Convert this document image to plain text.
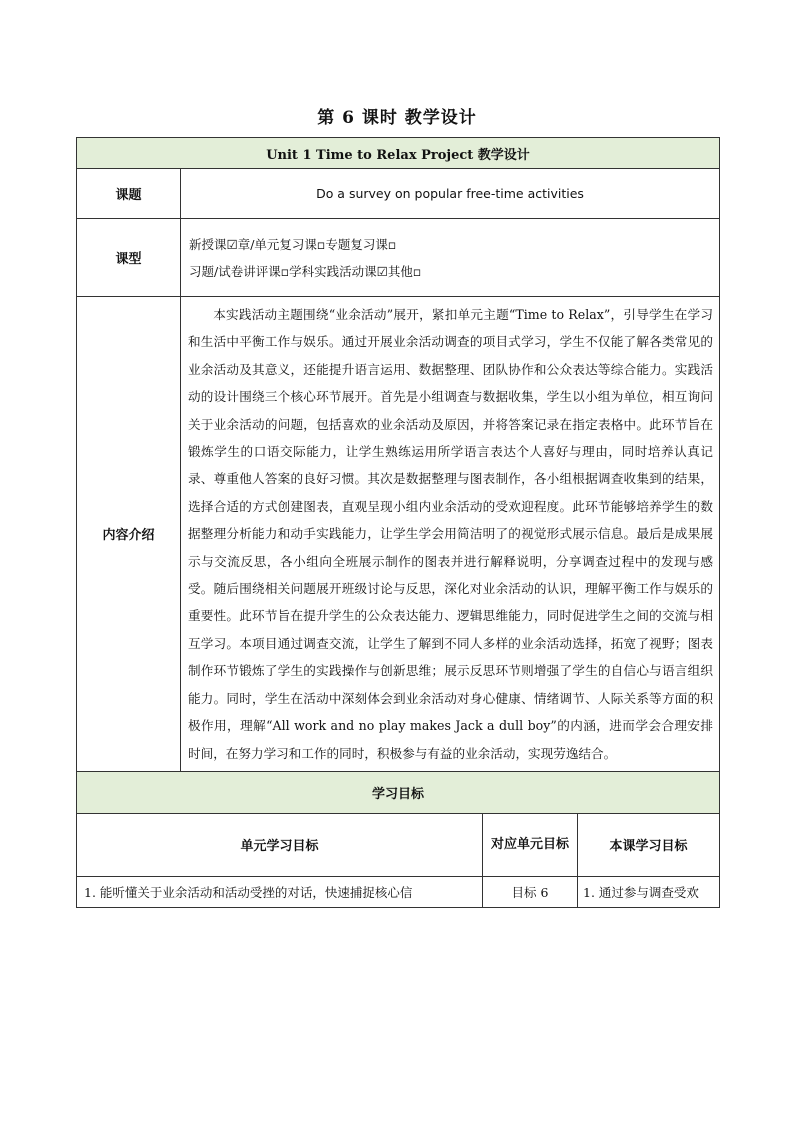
第 6 课时 教学设计
Unit 1 Time to Relax Project 教学设计			
课题	Do a survey on popular free-time activities		
课型	新授课☑章/单元复习课▫专题复习课▫
习题/试卷讲评课▫学科实践活动课☑其他▫		

内容介绍	本实践活动主题围绕“业余活动”展开，紧扣单元主题“Time to Relax”，引导学生在学习和生活中平衡工作与娱乐。通过开展业余活动调查的项目式学习，学生不仅能了解各类常见的业余活动及其意义，还能提升语言运用、数据整理、团队协作和公众表达等综合能力。实践活动的设计围绕三个核心环节展开。首先是小组调查与数据收集，学生以小组为单位，相互询问关于业余活动的问题，包括喜欢的业余活动及原因，并将答案记录在指定表格中。此环节旨在锻炼学生的口语交际能力，让学生熟练运用所学语言表达个人喜好与理由，同时培养认真记录、尊重他人答案的良好习惯。其次是数据整理与图表制作，各小组根据调查收集到的结果，选择合适的方式创建图表，直观呈现小组内业余活动的受欢迎程度。此环节能够培养学生的数据整理分析能力和动手实践能力，让学生学会用简洁明了的视觉形式展示信息。最后是成果展示与交流反思，各小组向全班展示制作的图表并进行解释说明，分享调查过程中的发现与感受。随后围绕相关问题展开班级讨论与反思，深化对业余活动的认识，理解平衡工作与娱乐的重要性。此环节旨在提升学生的公众表达能力、逻辑思维能力，同时促进学生之间的交流与相互学习。本项目通过调查交流，让学生了解到不同人多样的业余活动选择，拓宽了视野；图表制作环节锻炼了学生的实践操作与创新思维；展示反思环节则增强了学生的自信心与语言组织能力。同时，学生在活动中深刻体会到业余活动对身心健康、情绪调节、人际关系等方面的积极作用，理解“All work and no play makes Jack a dull boy”的内涵，进而学会合理安排时间，在努力学习和工作的同时，积极参与有益的业余活动，实现劳逸结合。		
学习目标			
单元学习目标		对应单元目标	本课学习目标
1. 能听懂关于业余活动和活动受挫的对话，快速捕捉核心信		目标 6	1. 通过参与调查受欢
